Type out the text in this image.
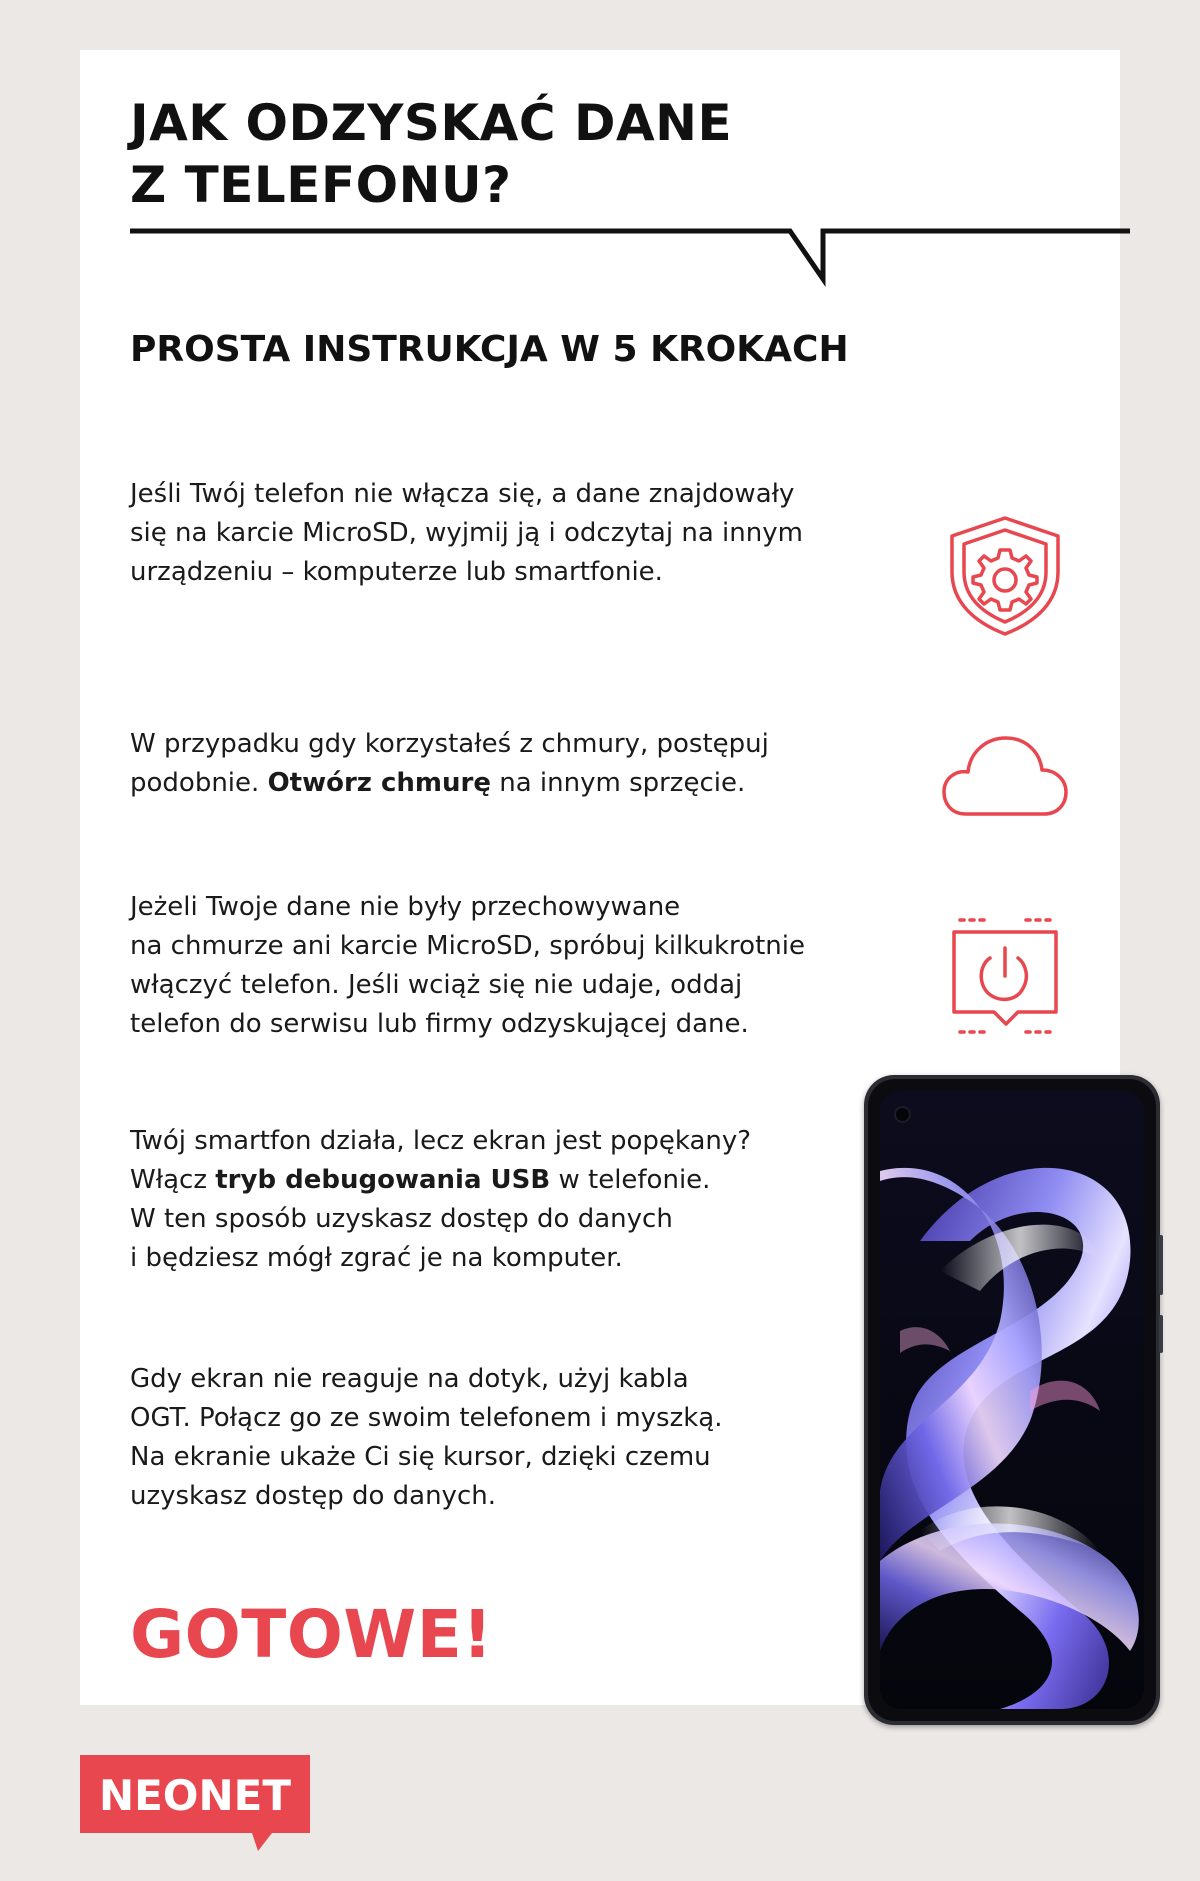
JAK ODZYSKAĆ DANE
Z TELEFONU?
PROSTA INSTRUKCJA W 5 KROKACH

Jeśli Twój telefon nie włącza się, a dane znajdowały
się na karcie MicroSD, wyjmij ją i odczytaj na innym
urządzeniu – komputerze lub smartfonie.

W przypadku gdy korzystałeś z chmury, postępuj
podobnie. Otwórz chmurę na innym sprzęcie.

Jeżeli Twoje dane nie były przechowywane
na chmurze ani karcie MicroSD, spróbuj kilkukrotnie
włączyć telefon. Jeśli wciąż się nie udaje, oddaj
telefon do serwisu lub firmy odzyskującej dane.

Twój smartfon działa, lecz ekran jest popękany?
Włącz tryb debugowania USB w telefonie.
W ten sposób uzyskasz dostęp do danych
i będziesz mógł zgrać je na komputer.

Gdy ekran nie reaguje na dotyk, użyj kabla
OGT. Połącz go ze swoim telefonem i myszką.
Na ekranie ukaże Ci się kursor, dzięki czemu
uzyskasz dostęp do danych.

GOTOWE!

NEONET
